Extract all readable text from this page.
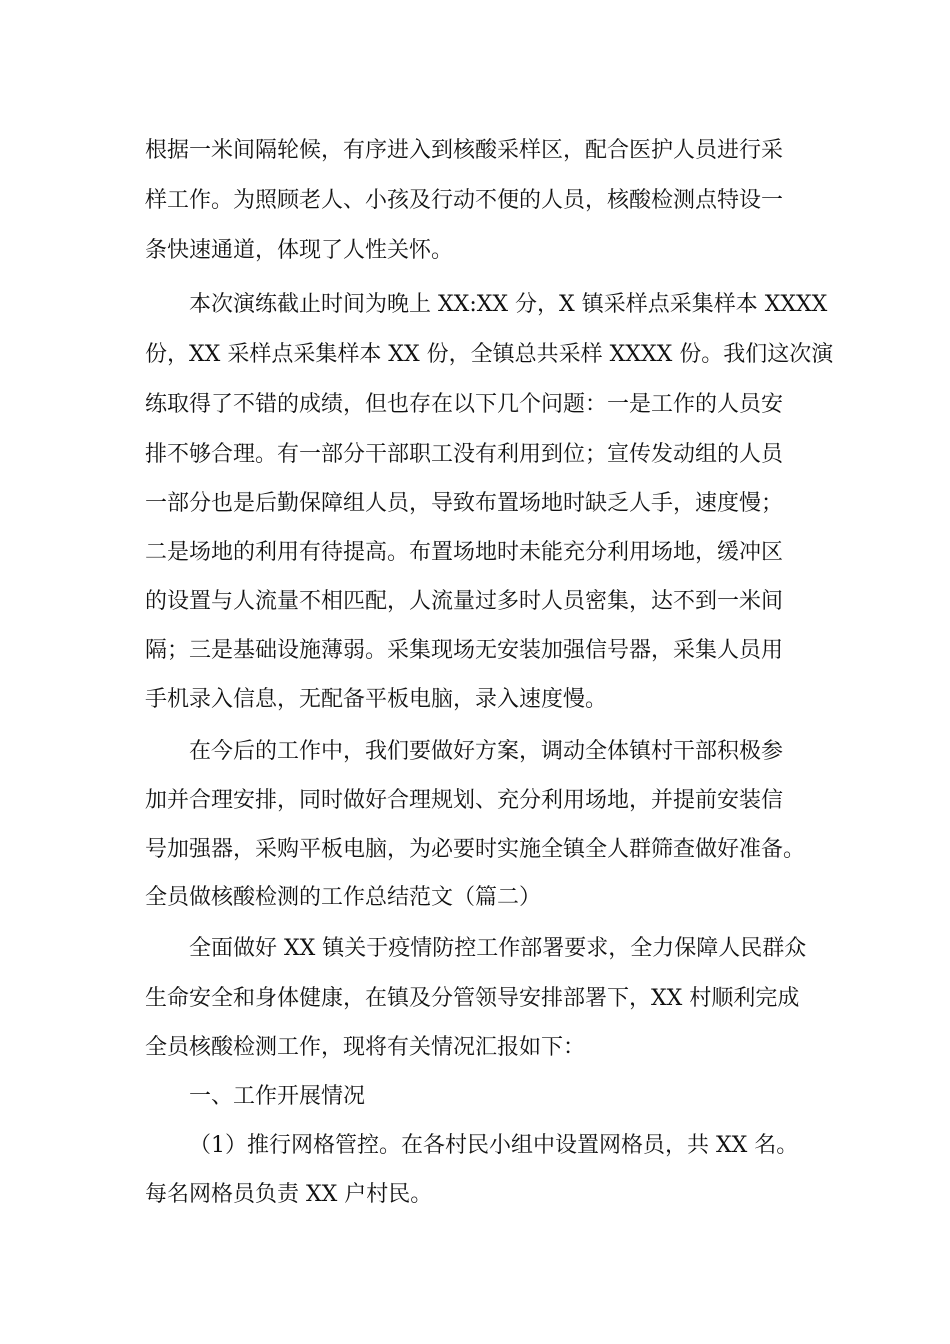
根据一米间隔轮候，有序进入到核酸采样区，配合医护人员进行采
样工作。为照顾老人、小孩及行动不便的人员，核酸检测点特设一
条快速通道，体现了人性关怀。
本次演练截止时间为晚上 XX:XX 分，X 镇采样点采集样本 XXXX
份，XX 采样点采集样本 XX 份，全镇总共采样 XXXX 份。我们这次演
练取得了不错的成绩，但也存在以下几个问题：一是工作的人员安
排不够合理。有一部分干部职工没有利用到位；宣传发动组的人员
一部分也是后勤保障组人员，导致布置场地时缺乏人手，速度慢；
二是场地的利用有待提高。布置场地时未能充分利用场地，缓冲区
的设置与人流量不相匹配，人流量过多时人员密集，达不到一米间
隔；三是基础设施薄弱。采集现场无安装加强信号器，采集人员用
手机录入信息，无配备平板电脑，录入速度慢。
在今后的工作中，我们要做好方案，调动全体镇村干部积极参
加并合理安排，同时做好合理规划、充分利用场地，并提前安装信
号加强器，采购平板电脑，为必要时实施全镇全人群筛查做好准备。
全员做核酸检测的工作总结范文（篇二）
全面做好 XX 镇关于疫情防控工作部署要求，全力保障人民群众
生命安全和身体健康，在镇及分管领导安排部署下，XX 村顺利完成
全员核酸检测工作，现将有关情况汇报如下：
一、工作开展情况
（1）推行网格管控。在各村民小组中设置网格员，共 XX 名。
每名网格员负责 XX 户村民。
